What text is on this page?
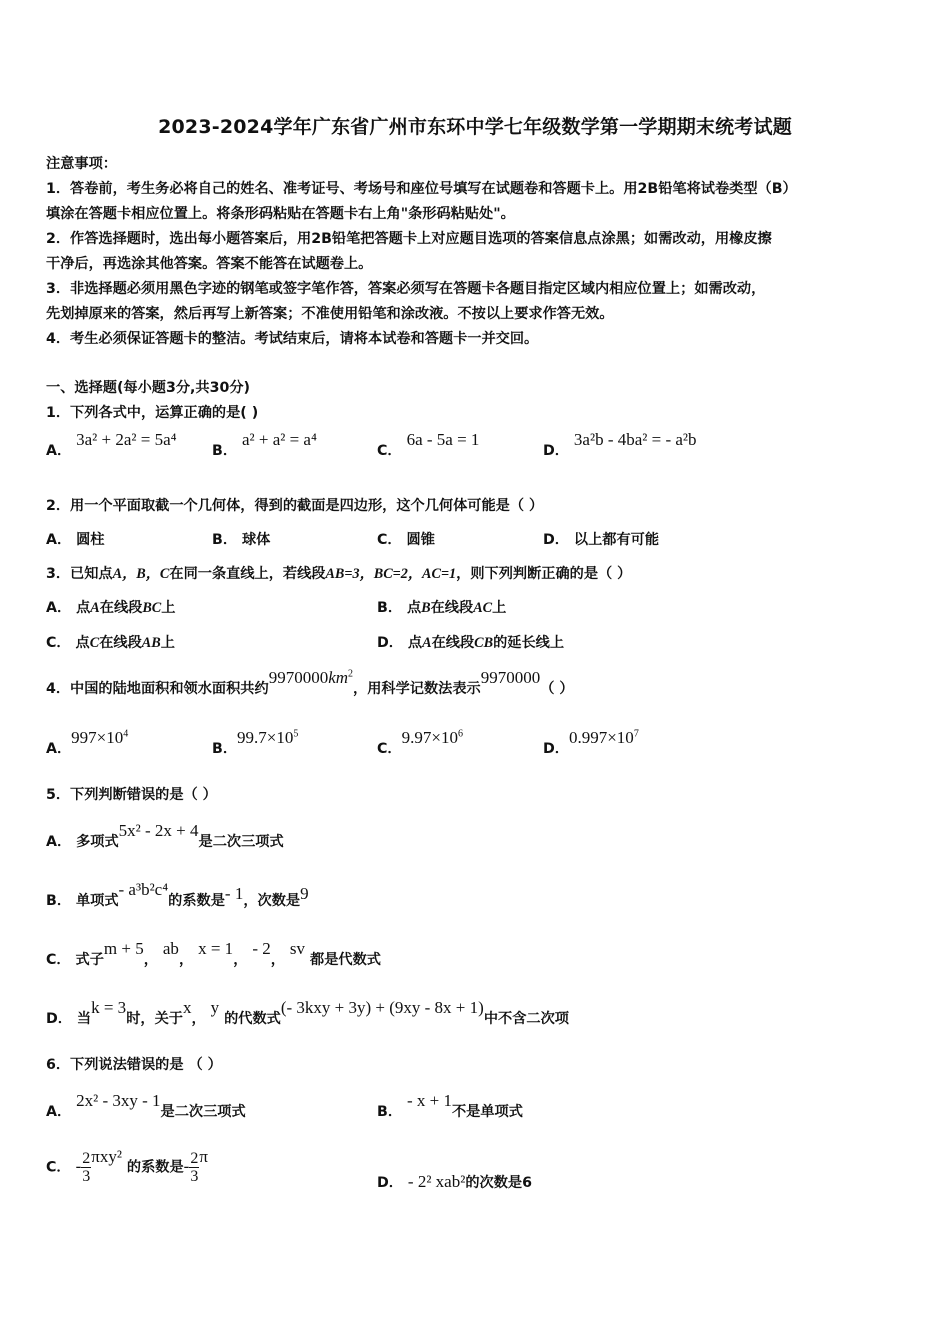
2023-2024学年广东省广州市东环中学七年级数学第一学期期末统考试题
注意事项：
1．答卷前，考生务必将自己的姓名、准考证号、考场号和座位号填写在试题卷和答题卡上。用2B铅笔将试卷类型（B）
填涂在答题卡相应位置上。将条形码粘贴在答题卡右上角"条形码粘贴处"。
2．作答选择题时，选出每小题答案后，用2B铅笔把答题卡上对应题目选项的答案信息点涂黑；如需改动，用橡皮擦
干净后，再选涂其他答案。答案不能答在试题卷上。
3．非选择题必须用黑色字迹的钢笔或签字笔作答，答案必须写在答题卡各题目指定区域内相应位置上；如需改动，
先划掉原来的答案，然后再写上新答案；不准使用铅笔和涂改液。不按以上要求作答无效。
4．考生必须保证答题卡的整洁。考试结束后，请将本试卷和答题卡一并交回。
一、选择题(每小题3分,共30分)
1．下列各式中，运算正确的是( )
A． 3a² + 2a² = 5a⁴
B． a² + a² = a⁴
C． 6a - 5a = 1
D． 3a²b - 4ba² = - a²b
2．用一个平面取截一个几何体，得到的截面是四边形，这个几何体可能是（ ）
A． 圆柱	B． 球体	C． 圆锥	D． 以上都有可能
3．已知点A，B，C在同一条直线上，若线段AB=3，BC=2，AC=1，则下列判断正确的是（ ）
A． 点A在线段BC上	B． 点B在线段AC上
C． 点C在线段AB上	D． 点A在线段CB的延长线上
4．中国的陆地面积和领水面积共约$9970000km^2$，用科学记数法表示9970000（ ）
A．$997\times 10^4$
B．$99.7\times 10^5$
C．$9.97\times 10^6$
D．$0.997\times 10^7$
5．下列判断错误的是（ ）
A． 多项式5x² - 2x + 4是二次三项式
B． 单项式- a³b²c⁴的系数是- 1，次数是9
C． 式子m + 5， ab， x = 1， - 2， sv 都是代数式
D． 当k = 3时，关于x， y 的代数式(- 3kxy + 3y) + (9xy - 8x + 1)中不含二次项
6．下列说法错误的是 （ ）
A． 2x² - 3xy - 1是二次三项式	B． - x + 1不是单项式
C． - $\frac{2}{3} \pi xy^2$ 的系数是- $\frac{2}{3}$ π
D． - 2² xab²的次数是6
